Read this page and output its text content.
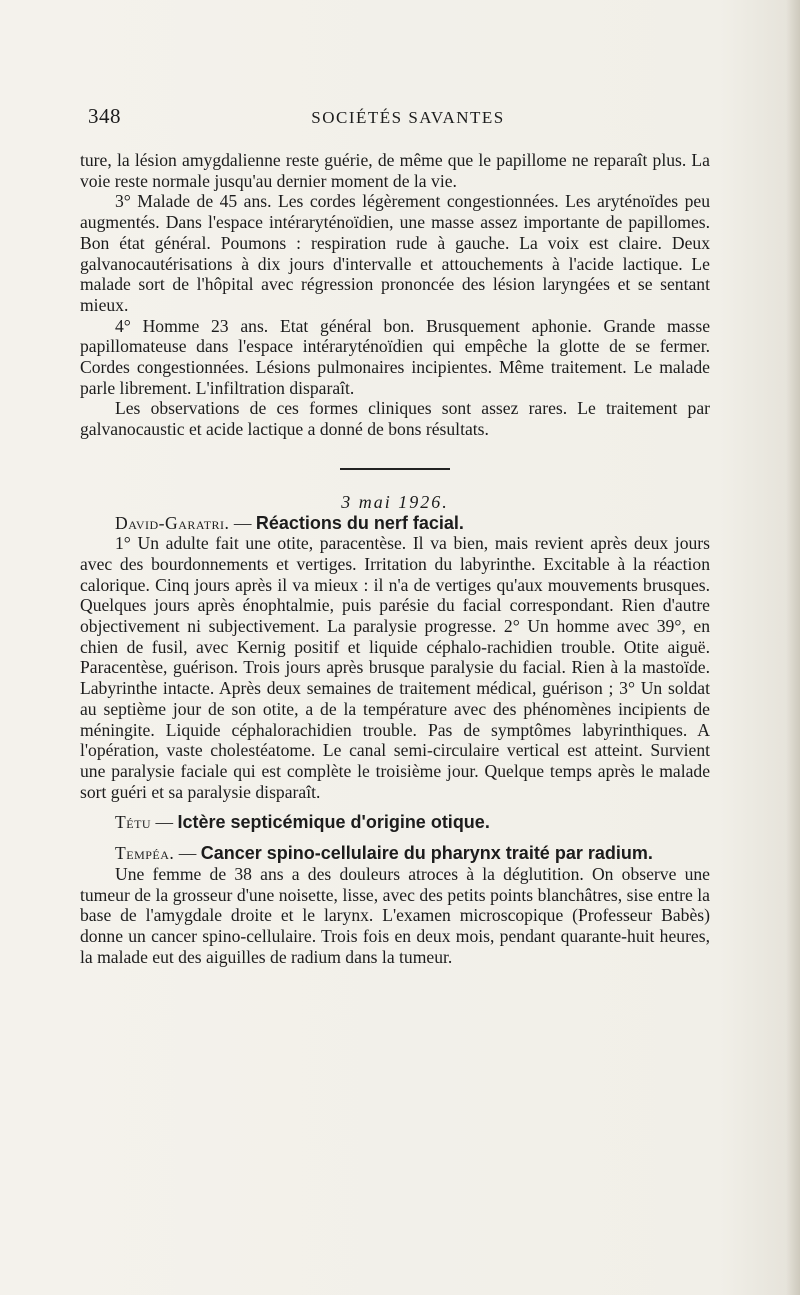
348	SOCIÉTÉS SAVANTES

ture, la lésion amygdalienne reste guérie, de même que le papillome ne reparaît plus. La voie reste normale jusqu'au dernier moment de la vie.

3° Malade de 45 ans. Les cordes légèrement congestionnées. Les aryténoïdes peu augmentés. Dans l'espace intéraryténoïdien, une masse assez importante de papillomes. Bon état général. Poumons : respiration rude à gauche. La voix est claire. Deux galvanocautérisations à dix jours d'intervalle et attouchements à l'acide lactique. Le malade sort de l'hôpital avec régression prononcée des lésion laryngées et se sentant mieux.

4° Homme 23 ans. Etat général bon. Brusquement aphonie. Grande masse papillomateuse dans l'espace intéraryténoïdien qui empêche la glotte de se fermer. Cordes congestionnées. Lésions pulmonaires incipientes. Même traitement. Le malade parle librement. L'infiltration disparaît.

Les observations de ces formes cliniques sont assez rares. Le traitement par galvanocaustic et acide lactique a donné de bons résultats.

3 mai 1926.

David-Garatri. — Réactions du nerf facial.

1° Un adulte fait une otite, paracentèse. Il va bien, mais revient après deux jours avec des bourdonnements et vertiges. Irritation du labyrinthe. Excitable à la réaction calorique. Cinq jours après il va mieux : il n'a de vertiges qu'aux mouvements brusques. Quelques jours après énophtalmie, puis parésie du facial correspondant. Rien d'autre objectivement ni subjectivement. La paralysie progresse. 2° Un homme avec 39°, en chien de fusil, avec Kernig positif et liquide céphalo-rachidien trouble. Otite aiguë. Paracentèse, guérison. Trois jours après brusque paralysie du facial. Rien à la mastoïde. Labyrinthe intacte. Après deux semaines de traitement médical, guérison ; 3° Un soldat au septième jour de son otite, a de la température avec des phénomènes incipients de méningite. Liquide céphalorachidien trouble. Pas de symptômes labyrinthiques. A l'opération, vaste cholestéatome. Le canal semi-circulaire vertical est atteint. Survient une paralysie faciale qui est complète le troisième jour. Quelque temps après le malade sort guéri et sa paralysie disparaît.

Tétu — Ictère septicémique d'origine otique.

Tempéa. — Cancer spino-cellulaire du pharynx traité par radium.

Une femme de 38 ans a des douleurs atroces à la déglutition. On observe une tumeur de la grosseur d'une noisette, lisse, avec des petits points blanchâtres, sise entre la base de l'amygdale droite et le larynx. L'examen microscopique (Professeur Babès) donne un cancer spino-cellulaire. Trois fois en deux mois, pendant quarante-huit heures, la malade eut des aiguilles de radium dans la tumeur.
